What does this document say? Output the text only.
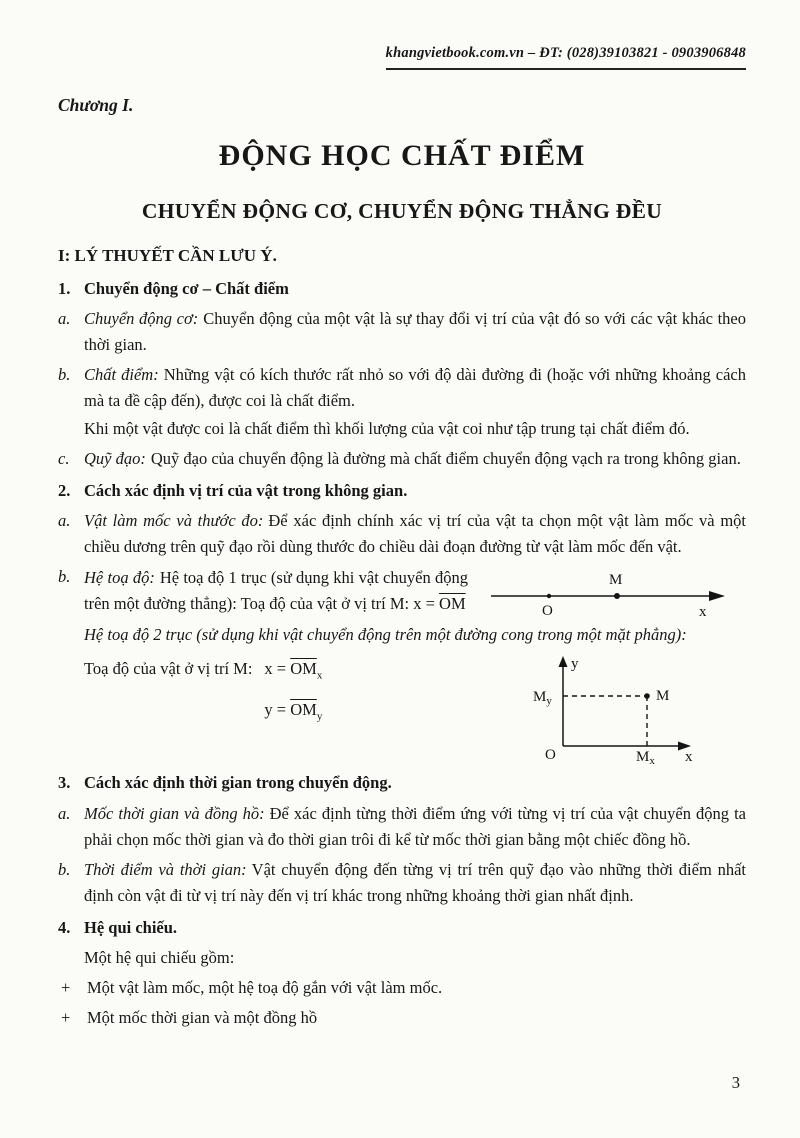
khangvietbook.com.vn – ĐT: (028)39103821 - 0903906848
Chương I.
ĐỘNG HỌC CHẤT ĐIỂM
CHUYỂN ĐỘNG CƠ, CHUYỂN ĐỘNG THẲNG ĐỀU
I: LÝ THUYẾT CẦN LƯU Ý.
1. Chuyển động cơ – Chất điểm
a. Chuyển động cơ: Chuyển động của một vật là sự thay đổi vị trí của vật đó so với các vật khác theo thời gian.
b. Chất điểm: Những vật có kích thước rất nhỏ so với độ dài đường đi (hoặc với những khoảng cách mà ta đề cập đến), được coi là chất điểm.
Khi một vật được coi là chất điểm thì khối lượng của vật coi như tập trung tại chất điểm đó.
c. Quỹ đạo: Quỹ đạo của chuyển động là đường mà chất điểm chuyển động vạch ra trong không gian.
2. Cách xác định vị trí của vật trong không gian.
a. Vật làm mốc và thước đo: Để xác định chính xác vị trí của vật ta chọn một vật làm mốc và một chiều dương trên quỹ đạo rồi dùng thước đo chiều dài đoạn đường từ vật làm mốc đến vật.
b. Hệ toạ độ: Hệ toạ độ 1 trục (sử dụng khi vật chuyển động trên một đường thẳng): Toạ độ của vật ở vị trí M: $x = \overline{OM}$
M
O	x
Hệ toạ độ 2 trục (sử dụng khi vật chuyển động trên một đường cong trong một mặt phẳng):
Toạ độ của vật ở vị trí M: $x = \overline{OM}_x$
$y = \overline{OM}_y$
y
x
O
M
$M_y$
$M_x$
3. Cách xác định thời gian trong chuyển động.
a. Mốc thời gian và đồng hồ: Để xác định từng thời điểm ứng với từng vị trí của vật chuyển động ta phải chọn mốc thời gian và đo thời gian trôi đi kể từ mốc thời gian bằng một chiếc đồng hồ.
b. Thời điểm và thời gian: Vật chuyển động đến từng vị trí trên quỹ đạo vào những thời điểm nhất định còn vật đi từ vị trí này đến vị trí khác trong những khoảng thời gian nhất định.
4. Hệ qui chiếu.
Một hệ qui chiếu gồm:
+	Một vật làm mốc, một hệ toạ độ gắn với vật làm mốc.
+	Một mốc thời gian và một đồng hồ
3
